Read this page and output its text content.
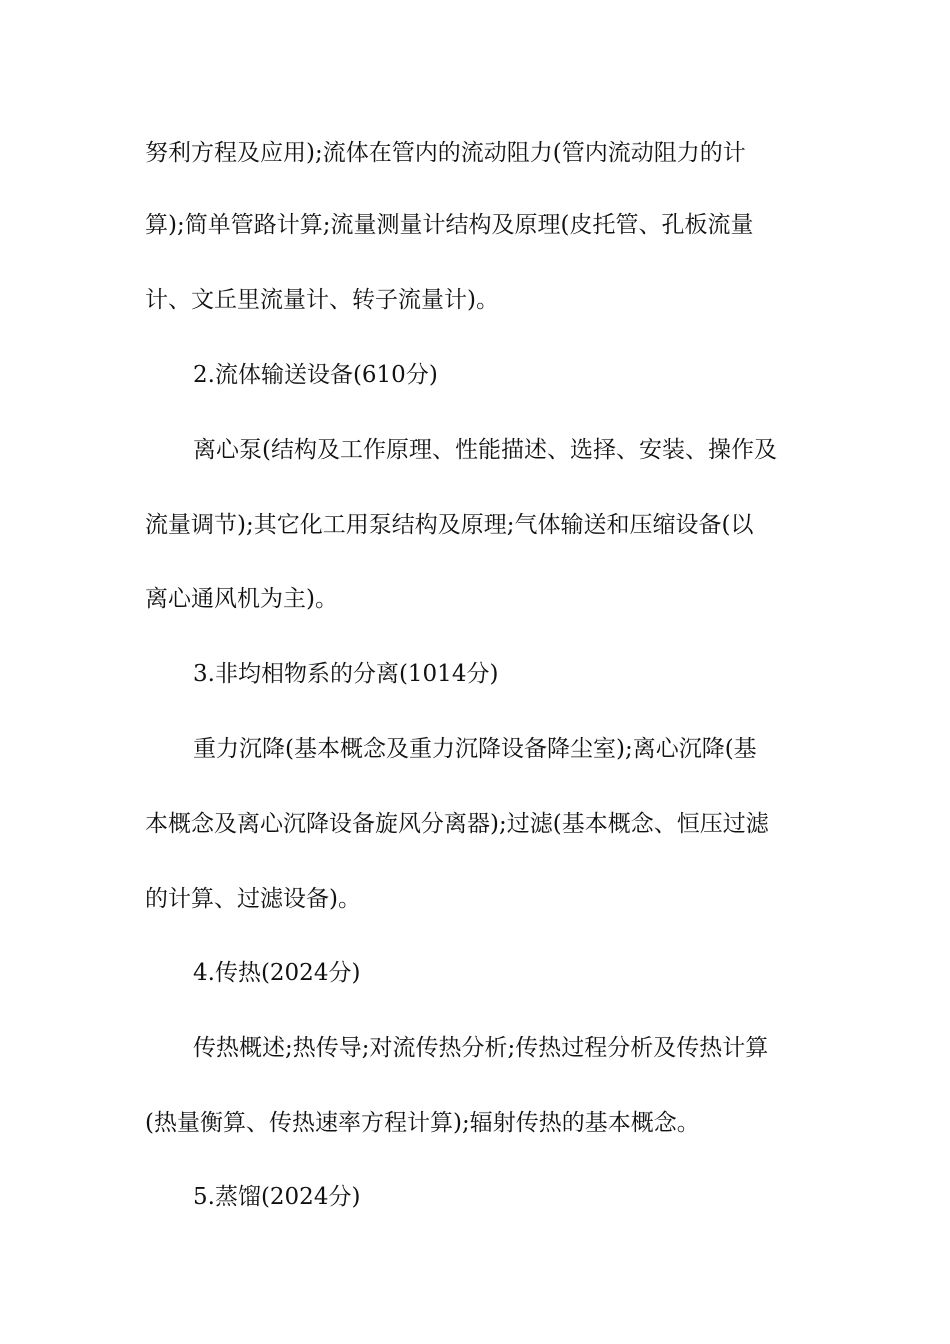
努利方程及应用);流体在管内的流动阻力(管内流动阻力的计
算);简单管路计算;流量测量计结构及原理(皮托管、孔板流量
计、文丘里流量计、转子流量计)。
2.流体输送设备(610分)
离心泵(结构及工作原理、性能描述、选择、安装、操作及
流量调节);其它化工用泵结构及原理;气体输送和压缩设备(以
离心通风机为主)。
3.非均相物系的分离(1014分)
重力沉降(基本概念及重力沉降设备降尘室);离心沉降(基
本概念及离心沉降设备旋风分离器);过滤(基本概念、恒压过滤
的计算、过滤设备)。
4.传热(2024分)
传热概述;热传导;对流传热分析;传热过程分析及传热计算
(热量衡算、传热速率方程计算);辐射传热的基本概念。
5.蒸馏(2024分)
